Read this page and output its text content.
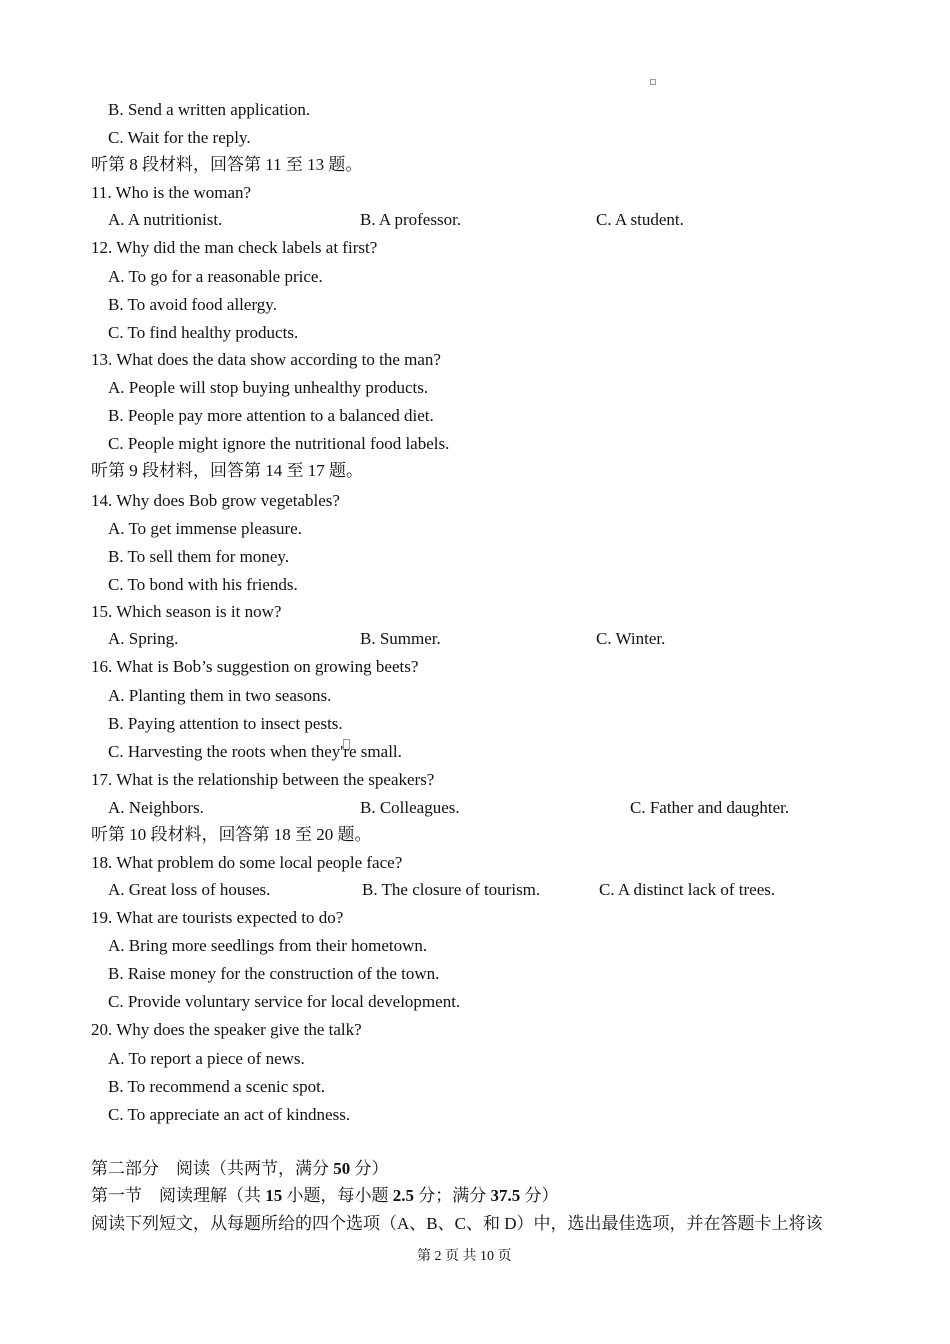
B. Send a written application.
C. Wait for the reply.
听第 8 段材料，回答第 11 至 13 题。
11. Who is the woman?
A. A nutritionist.	B. A professor.	C. A student.
12. Why did the man check labels at first?
A. To go for a reasonable price.
B. To avoid food allergy.
C. To find healthy products.
13. What does the data show according to the man?
A. People will stop buying unhealthy products.
B. People pay more attention to a balanced diet.
C. People might ignore the nutritional food labels.
听第 9 段材料，回答第 14 至 17 题。
14. Why does Bob grow vegetables?
A. To get immense pleasure.
B. To sell them for money.
C. To bond with his friends.
15. Which season is it now?
A. Spring.	B. Summer.	C. Winter.
16. What is Bob’s suggestion on growing beets?
A. Planting them in two seasons.
B. Paying attention to insect pests.
C. Harvesting the roots when they're small.
17. What is the relationship between the speakers?
A. Neighbors.	B. Colleagues.	C. Father and daughter.
听第 10 段材料，回答第 18 至 20 题。
18. What problem do some local people face?
A. Great loss of houses.	B. The closure of tourism.	C. A distinct lack of trees.
19. What are tourists expected to do?
A. Bring more seedlings from their hometown.
B. Raise money for the construction of the town.
C. Provide voluntary service for local development.
20. Why does the speaker give the talk?
A. To report a piece of news.
B. To recommend a scenic spot.
C. To appreciate an act of kindness.
第二部分　阅读（共两节，满分 50 分）
第一节　阅读理解（共 15 小题，每小题 2.5 分；满分 37.5 分）
阅读下列短文，从每题所给的四个选项（A、B、C、和 D）中，选出最佳选项，并在答题卡上将该
第 2 页 共 10 页
